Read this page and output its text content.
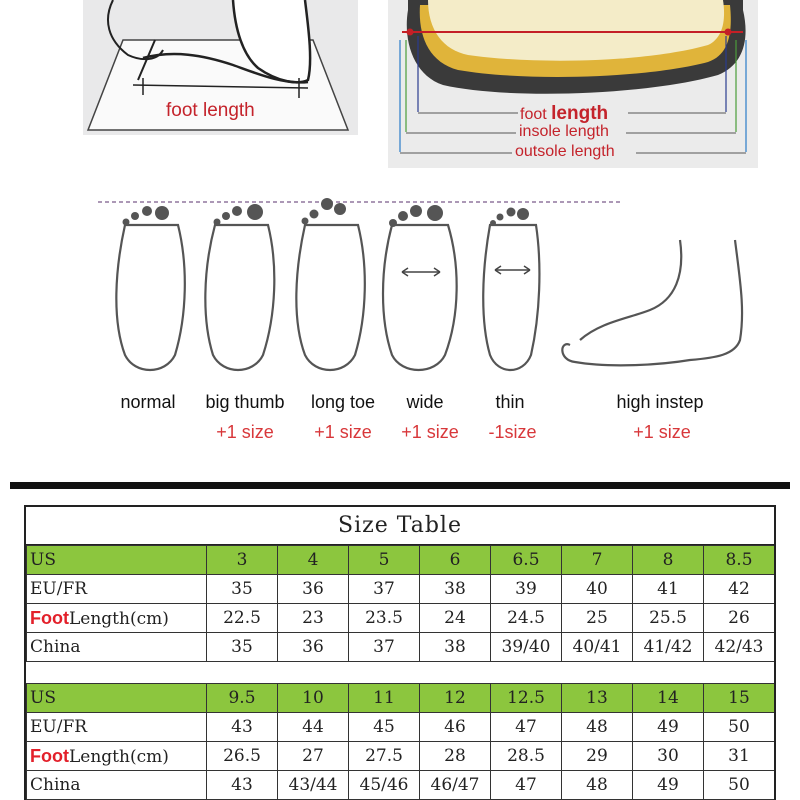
foot length	foot length
insole length
outsole length
normal	big thumb	long toe	wide	thin	high instep
+1 size	+1 size	+1 size	-1size	+1 size
Size Table
US	3	4	5	6	6.5	7	8	8.5
EU/FR	35	36	37	38	39	40	41	42
FootLength(cm)	22.5	23	23.5	24	24.5	25	25.5	26
China	35	36	37	38	39/40	40/41	41/42	42/43

US	9.5	10	11	12	12.5	13	14	15
EU/FR	43	44	45	46	47	48	49	50
FootLength(cm)	26.5	27	27.5	28	28.5	29	30	31
China	43	43/44	45/46	46/47	47	48	49	50
